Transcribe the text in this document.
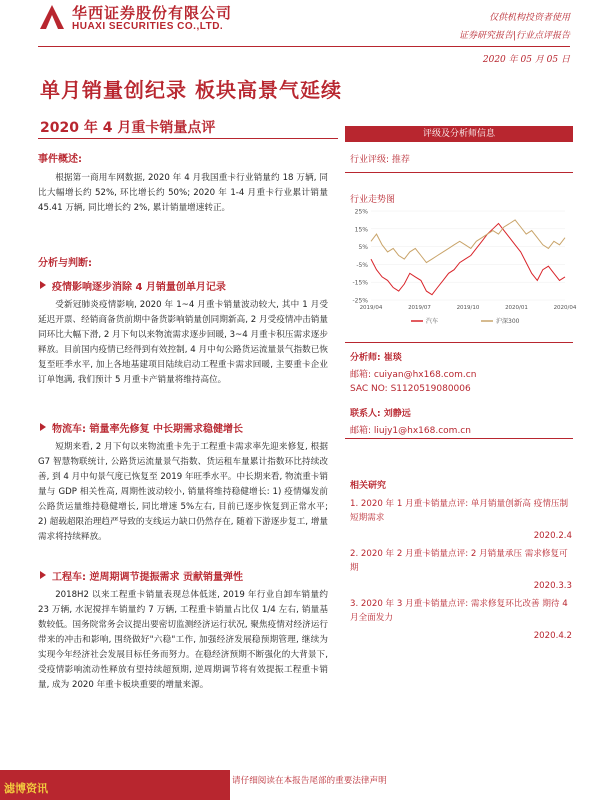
华西证券股份有限公司
HUAXI SECURITIES CO.,LTD.
仅供机构投资者使用
证券研究报告|行业点评报告
2020 年 05 月 05 日
单月销量创纪录 板块高景气延续
2020 年 4 月重卡销量点评
事件概述:
根据第一商用车网数据, 2020 年 4 月我国重卡行业销量约 18 万辆, 同比大幅增长约 52%, 环比增长约 50%; 2020 年 1-4 月重卡行业累计销量 45.41 万辆, 同比增长约 2%, 累计销量增速转正。
分析与判断:
疫情影响逐步消除 4 月销量创单月记录
受新冠肺炎疫情影响, 2020 年 1~4 月重卡销量波动较大, 其中 1 月受延迟开票、经销商备货前期中备货影响销量创同期新高, 2 月受疫情冲击销量同环比大幅下滑, 2 月下旬以来物流需求逐步回暖, 3~4 月重卡积压需求逐步释放。目前国内疫情已经得到有效控制, 4 月中旬公路货运流量景气指数已恢复至旺季水平, 加上各地基建项目陆续启动工程重卡需求回暖, 主要重卡企业订单饱满, 我们预计 5 月重卡产销量将维持高位。
物流车: 销量率先修复 中长期需求稳健增长
短期来看, 2 月下旬以来物流重卡先于工程重卡需求率先迎来修复, 根据 G7 智慧物联统计, 公路货运流量景气指数、货运租车量累计指数环比持续改善, 到 4 月中旬景气度已恢复至 2019 年旺季水平。中长期来看, 物流重卡销量与 GDP 相关性高, 周期性波动较小, 销量将维持稳健增长: 1) 疫情爆发前公路货运量维持稳健增长, 同比增速 5%左右, 目前已逐步恢复到正常水平; 2) 超载超限治理趋严导致的支线运力缺口仍然存在, 随着下游逐步复工, 增量需求将持续释放。
工程车: 逆周期调节提振需求 贡献销量弹性
2018H2 以来工程重卡销量表现总体低迷, 2019 年行业自卸车销量约 23 万辆, 水泥搅拌车销量约 7 万辆, 工程重卡销量占比仅 1/4 左右, 销量基数较低。国务院常务会议提出要密切监测经济运行状况, 聚焦疫情对经济运行带来的冲击和影响, 围绕做好"六稳"工作, 加强经济发展稳预期管理, 继续为实现今年经济社会发展目标任务而努力。在稳经济预期不断强化的大背景下, 受疫情影响流动性释放有望持续超预期, 逆周期调节将有效提振工程重卡销量, 成为 2020 年重卡板块重要的增量来源。
评级及分析师信息
行业评级: 推荐
行业走势图
25%
15%
5%
-5%
-15%
-25%
2019/04	2019/07	2019/10	2020/01	2020/04
汽车	沪深300
分析师: 崔琰
邮箱: cuiyan@hx168.com.cn
SAC NO: S1120519080006
联系人: 刘静远
邮箱: liujy1@hx168.com.cn
相关研究
1. 2020 年 1 月重卡销量点评: 单月销量创新高 疫情压制短期需求
2020.2.4
2. 2020 年 2 月重卡销量点评: 2 月销量承压 需求修复可期
2020.3.3
3. 2020 年 3 月重卡销量点评: 需求修复环比改善 期待 4 月全面发力
2020.4.2
滤博资讯
请仔细阅读在本报告尾部的重要法律声明
